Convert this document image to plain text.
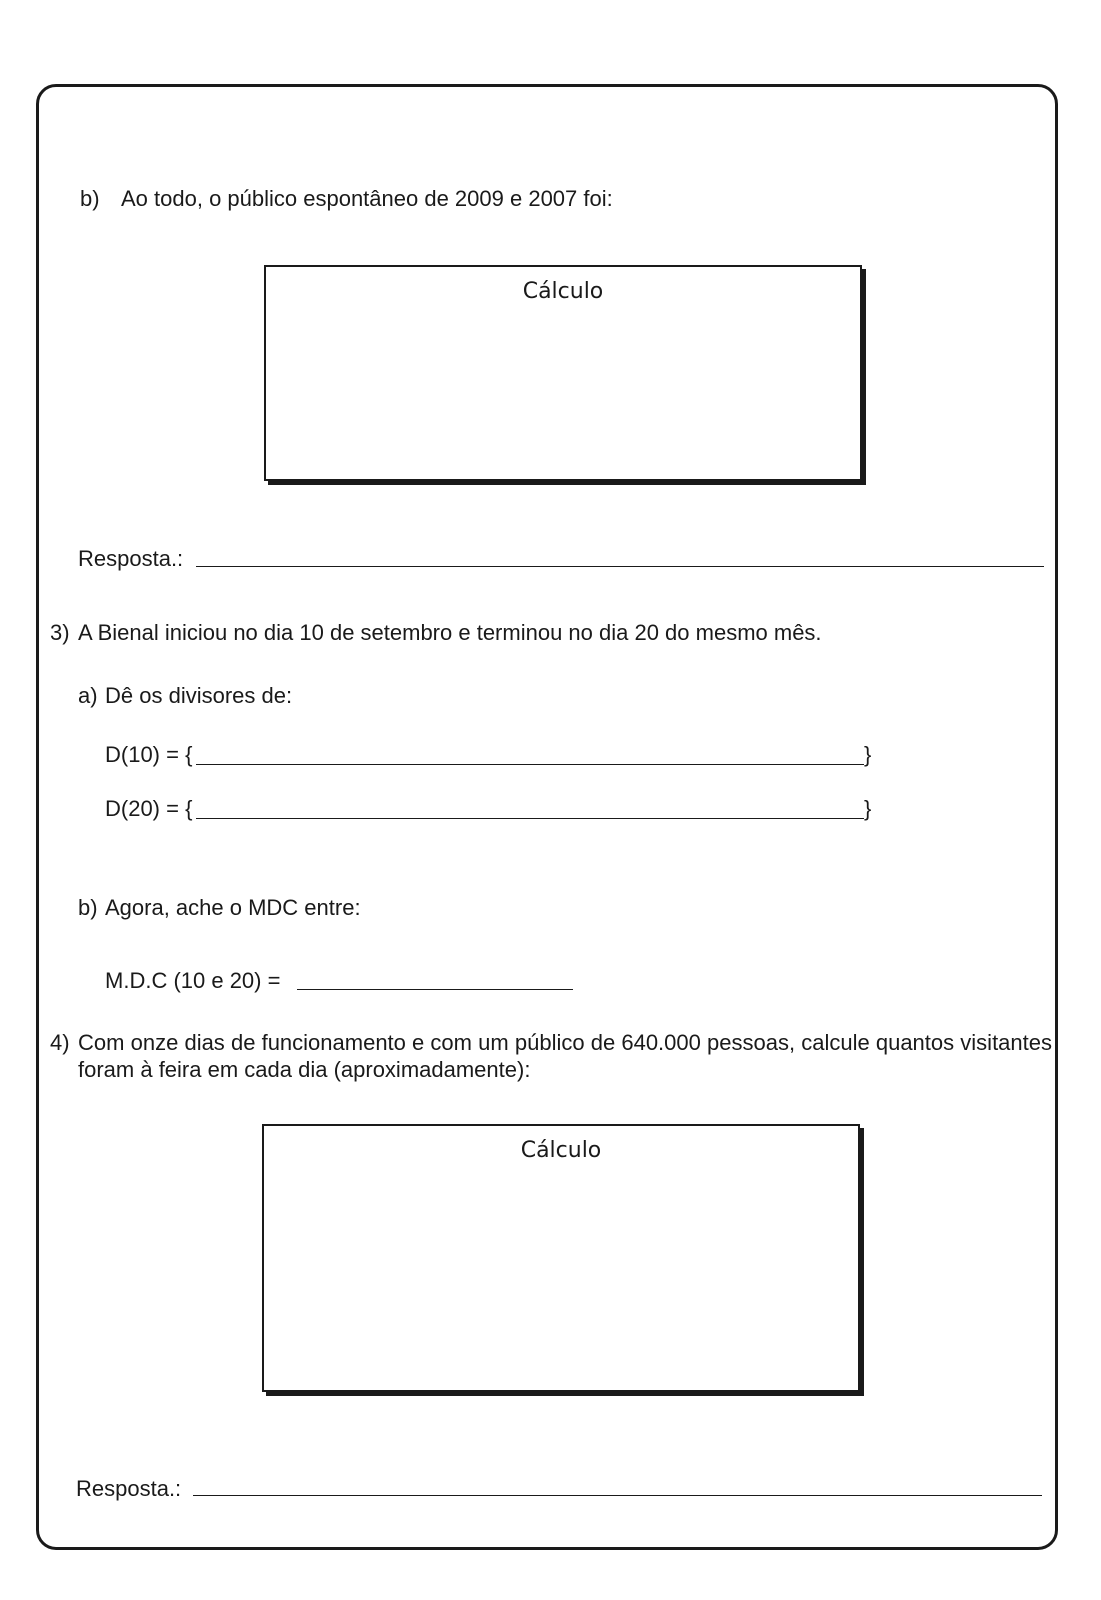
b) Ao todo, o público espontâneo de 2009 e 2007 foi:
Cálculo
Resposta.:
3) A Bienal iniciou no dia 10 de setembro e terminou no dia 20 do mesmo mês.
a) Dê os divisores de:
D(10) = {	}
D(20) = {	}
b) Agora, ache o MDC entre:
M.D.C (10 e 20) =
4) Com onze dias de funcionamento e com um público de 640.000 pessoas, calcule quantos visitantes foram à feira em cada dia (aproximadamente):
Cálculo
Resposta.:
